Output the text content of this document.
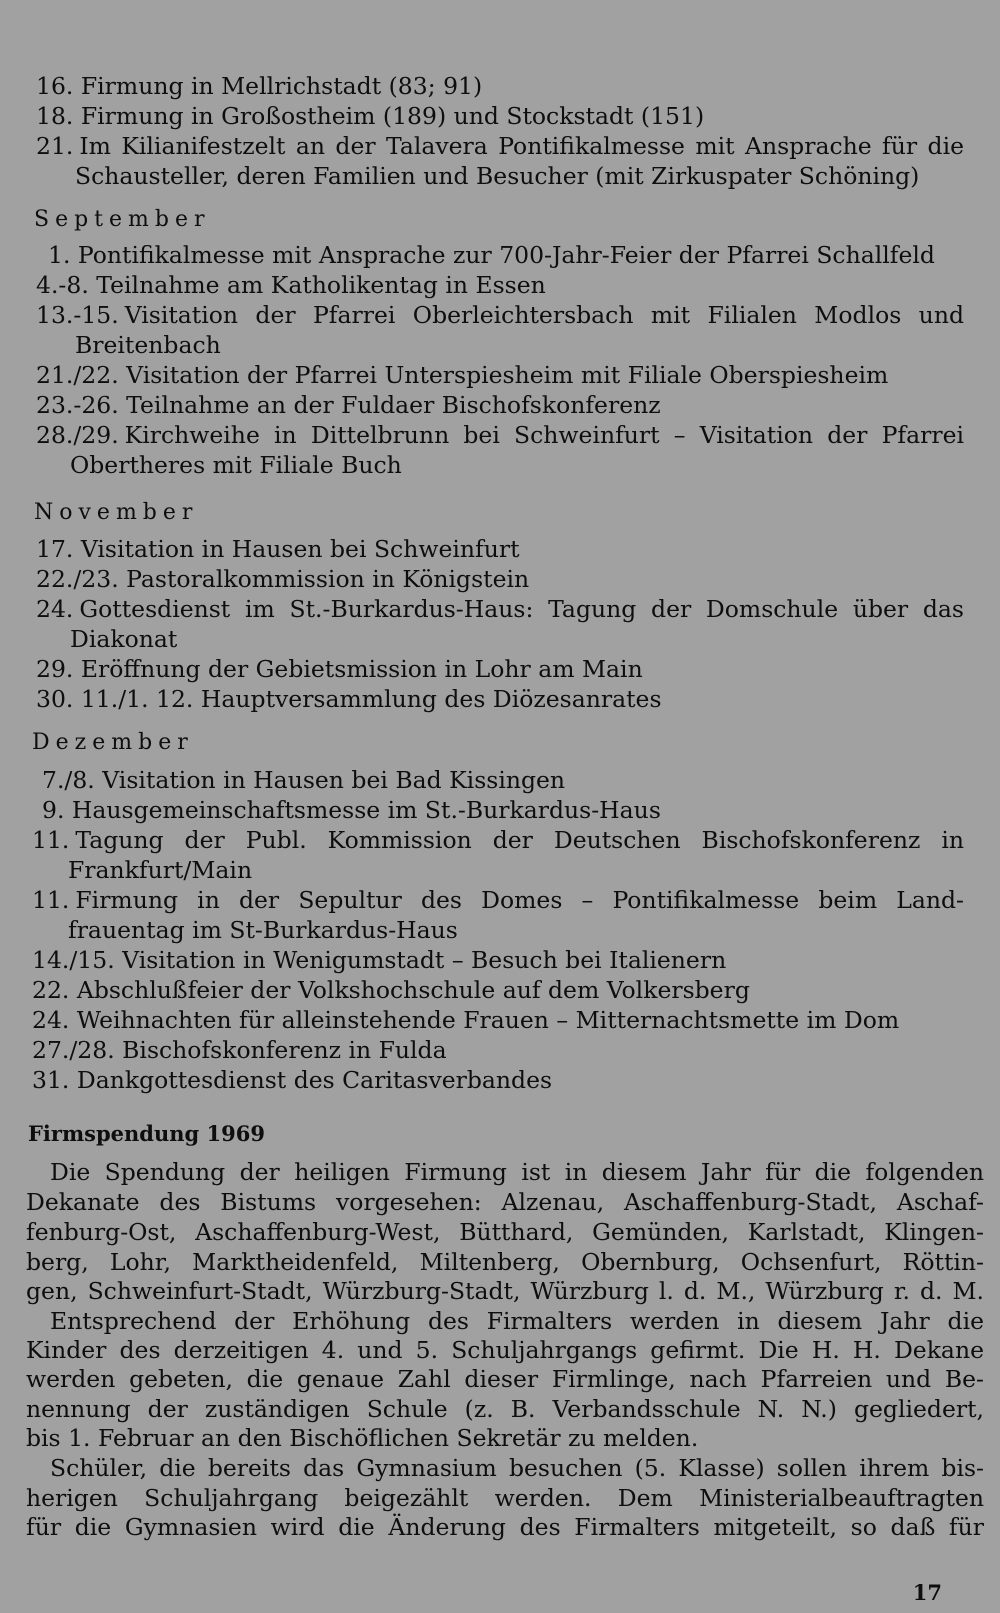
16. Firmung in Mellrichstadt (83; 91)
18. Firmung in Großostheim (189) und Stockstadt (151)
21. Im Kilianifestzelt an der Talavera Pontifikalmesse mit Ansprache für die
Schausteller, deren Familien und Besucher (mit Zirkuspater Schöning)
September
1. Pontifikalmesse mit Ansprache zur 700-Jahr-Feier der Pfarrei Schallfeld
4.-8. Teilnahme am Katholikentag in Essen
13.-15. Visitation der Pfarrei Oberleichtersbach mit Filialen Modlos und
Breitenbach
21./22. Visitation der Pfarrei Unterspiesheim mit Filiale Oberspiesheim
23.-26. Teilnahme an der Fuldaer Bischofskonferenz
28./29. Kirchweihe in Dittelbrunn bei Schweinfurt – Visitation der Pfarrei
Obertheres mit Filiale Buch
November
17. Visitation in Hausen bei Schweinfurt
22./23. Pastoralkommission in Königstein
24. Gottesdienst im St.-Burkardus-Haus: Tagung der Domschule über das
Diakonat
29. Eröffnung der Gebietsmission in Lohr am Main
30. 11./1. 12. Hauptversammlung des Diözesanrates
Dezember
7./8. Visitation in Hausen bei Bad Kissingen
9. Hausgemeinschaftsmesse im St.-Burkardus-Haus
11. Tagung der Publ. Kommission der Deutschen Bischofskonferenz in
Frankfurt/Main
11. Firmung in der Sepultur des Domes – Pontifikalmesse beim Land-
frauentag im St-Burkardus-Haus
14./15. Visitation in Wenigumstadt – Besuch bei Italienern
22. Abschlußfeier der Volkshochschule auf dem Volkersberg
24. Weihnachten für alleinstehende Frauen – Mitternachtsmette im Dom
27./28. Bischofskonferenz in Fulda
31. Dankgottesdienst des Caritasverbandes
Firmspendung 1969
Die Spendung der heiligen Firmung ist in diesem Jahr für die folgenden
Dekanate des Bistums vorgesehen: Alzenau, Aschaffenburg-Stadt, Aschaf-
fenburg-Ost, Aschaffenburg-West, Bütthard, Gemünden, Karlstadt, Klingen-
berg, Lohr, Marktheidenfeld, Miltenberg, Obernburg, Ochsenfurt, Röttin-
gen, Schweinfurt-Stadt, Würzburg-Stadt, Würzburg l. d. M., Würzburg r. d. M.
Entsprechend der Erhöhung des Firmalters werden in diesem Jahr die
Kinder des derzeitigen 4. und 5. Schuljahrgangs gefirmt. Die H. H. Dekane
werden gebeten, die genaue Zahl dieser Firmlinge, nach Pfarreien und Be-
nennung der zuständigen Schule (z. B. Verbandsschule N. N.) gegliedert,
bis 1. Februar an den Bischöflichen Sekretär zu melden.
Schüler, die bereits das Gymnasium besuchen (5. Klasse) sollen ihrem bis-
herigen Schuljahrgang beigezählt werden. Dem Ministerialbeauftragten
für die Gymnasien wird die Änderung des Firmalters mitgeteilt, so daß für
17
